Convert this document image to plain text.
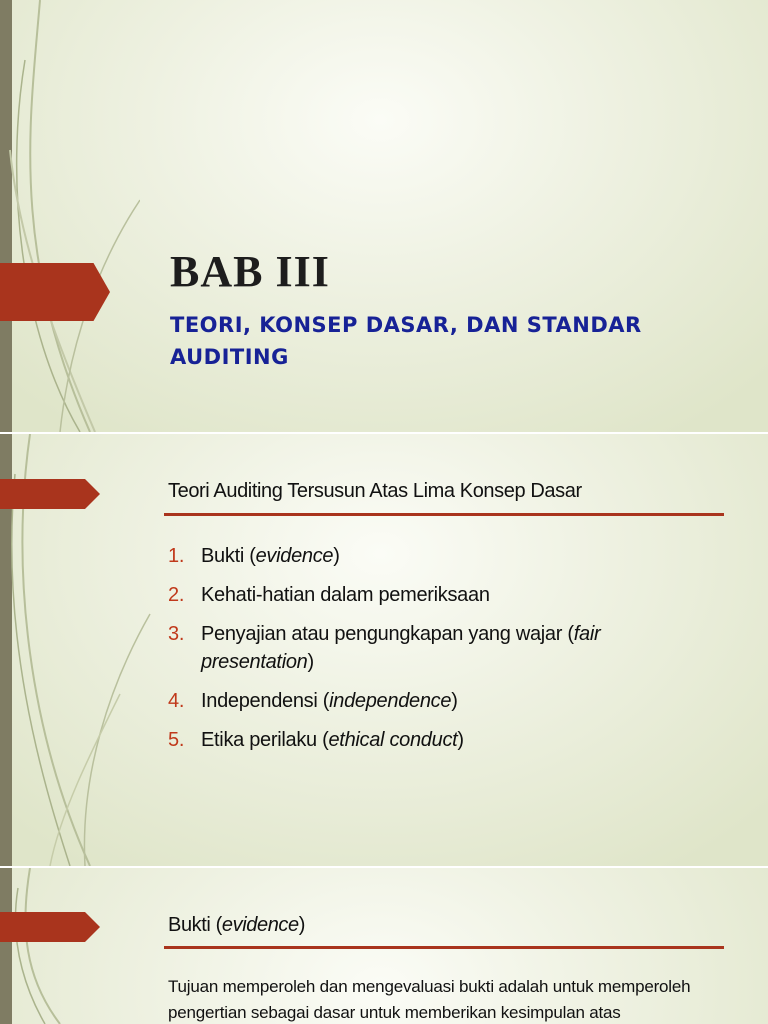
BAB III
TEORI, KONSEP DASAR, DAN STANDAR AUDITING
Teori Auditing Tersusun Atas Lima Konsep Dasar
1. Bukti (evidence)
2. Kehati-hatian dalam pemeriksaan
3. Penyajian atau pengungkapan yang wajar (fair presentation)
4. Independensi (independence)
5. Etika perilaku (ethical conduct)
Bukti (evidence)

Tujuan memperoleh dan mengevaluasi bukti adalah untuk memperoleh pengertian sebagai dasar untuk memberikan kesimpulan atas
